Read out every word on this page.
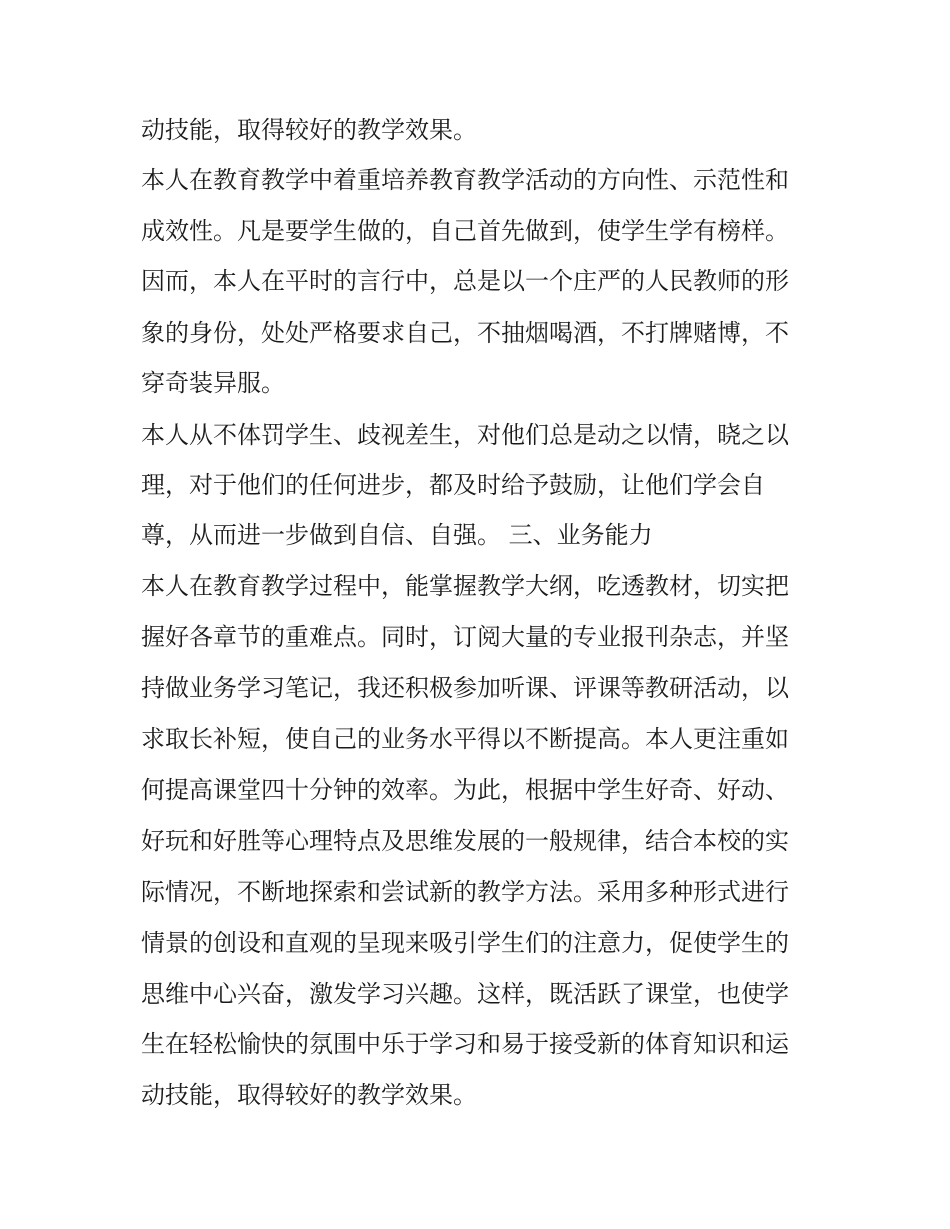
动技能，取得较好的教学效果。

本人在教育教学中着重培养教育教学活动的方向性、示范性和

成效性。凡是要学生做的，自己首先做到，使学生学有榜样。

因而，本人在平时的言行中，总是以一个庄严的人民教师的形

象的身份，处处严格要求自己，不抽烟喝酒，不打牌赌博，不

穿奇装异服。

本人从不体罚学生、歧视差生，对他们总是动之以情，晓之以

理，对于他们的任何进步，都及时给予鼓励，让他们学会自

尊，从而进一步做到自信、自强。 三、业务能力

本人在教育教学过程中，能掌握教学大纲，吃透教材，切实把

握好各章节的重难点。同时，订阅大量的专业报刊杂志，并坚

持做业务学习笔记，我还积极参加听课、评课等教研活动，以

求取长补短，使自己的业务水平得以不断提高。本人更注重如

何提高课堂四十分钟的效率。为此，根据中学生好奇、好动、

好玩和好胜等心理特点及思维发展的一般规律，结合本校的实

际情况，不断地探索和尝试新的教学方法。采用多种形式进行

情景的创设和直观的呈现来吸引学生们的注意力，促使学生的

思维中心兴奋，激发学习兴趣。这样，既活跃了课堂，也使学

生在轻松愉快的氛围中乐于学习和易于接受新的体育知识和运

动技能，取得较好的教学效果。
